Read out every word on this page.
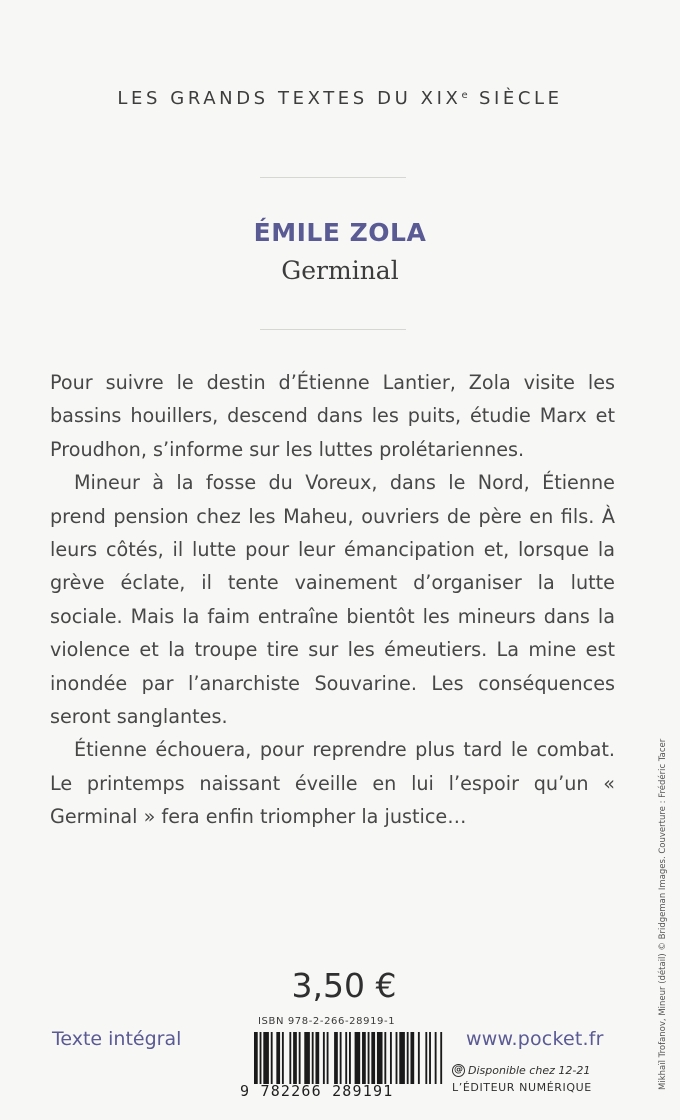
LES GRANDS TEXTES DU XIXe SIÈCLE
ÉMILE ZOLA
Germinal

Pour suivre le destin d’Étienne Lantier, Zola visite les bassins houillers, descend dans les puits, étudie Marx et Proudhon, s’informe sur les luttes prolétariennes.

Mineur à la fosse du Voreux, dans le Nord, Étienne prend pension chez les Maheu, ouvriers de père en fils. À leurs côtés, il lutte pour leur émancipation et, lorsque la grève éclate, il tente vainement d’organiser la lutte sociale. Mais la faim entraîne bientôt les mineurs dans la violence et la troupe tire sur les émeutiers. La mine est inondée par l’anarchiste Souvarine. Les conséquences seront sanglantes.

Étienne échouera, pour reprendre plus tard le combat. Le printemps naissant éveille en lui l’espoir qu’un « Germinal » fera enfin triompher la justice…

3,50 €
Texte intégral
ISBN 978-2-266-28919-1
9 782266 289191
www.pocket.fr
@ Disponible chez 12-21
L’ÉDITEUR NUMÉRIQUE	Mikhaïl Trofanov, Mineur (détail) © Bridgeman Images. Couverture : Frédéric Tacer
